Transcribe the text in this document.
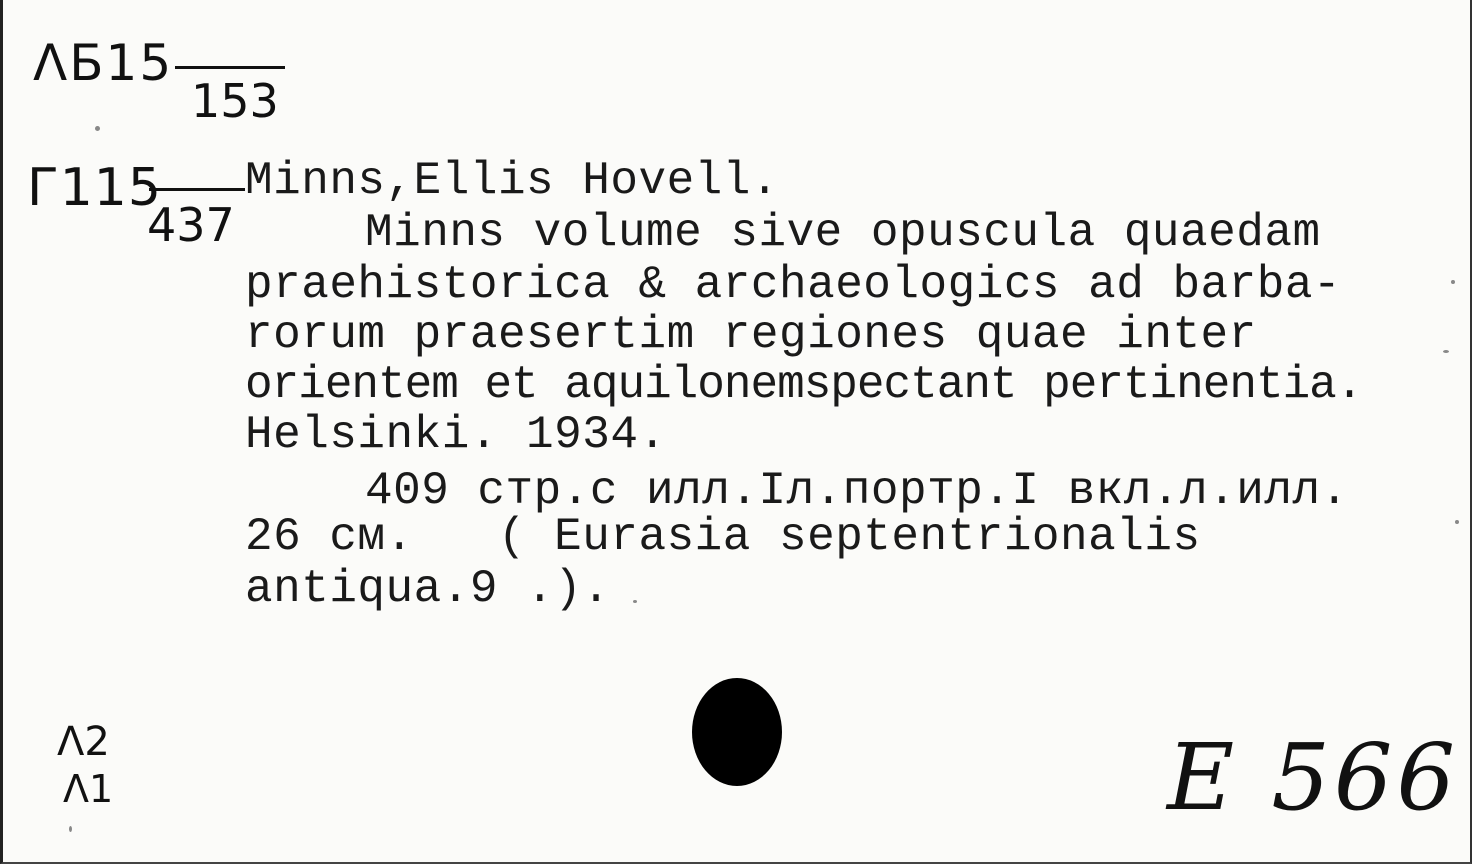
ΛБ15
153
Г115
437
Minns,Ellis Hovell.
Minns volume sive opuscula quaedam
praehistorica & archaeologics ad barba-
rorum praesertim regiones quae inter
orientem et aquilonemspectant pertinentia.
Helsinki. 1934.
409 стр.с илл.Iл.портр.I вкл.л.илл.
26 см.   ( Eurasia septentrionalis
antiqua.9 .).
Λ2
Λ1	E 566
